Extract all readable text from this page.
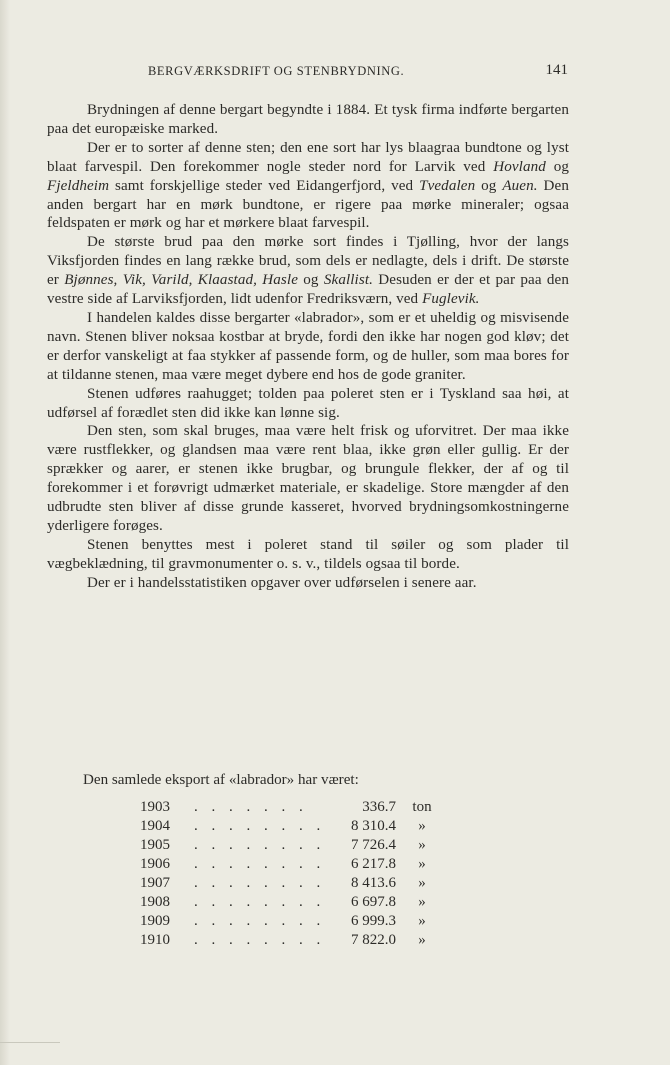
BERGVÆRKSDRIFT OG STENBRYDNING.	141

Brydningen af denne bergart begyndte i 1884. Et tysk firma indførte bergarten paa det europæiske marked.

Der er to sorter af denne sten; den ene sort har lys blaagraa bundtone og lyst blaat farvespil. Den forekommer nogle steder nord for Larvik ved Hovland og Fjeldheim samt forskjellige steder ved Eidangerfjord, ved Tvedalen og Auen. Den anden bergart har en mørk bundtone, er rigere paa mørke mineraler; ogsaa feldspaten er mørk og har et mørkere blaat farvespil.

De største brud paa den mørke sort findes i Tjølling, hvor der langs Viksfjorden findes en lang række brud, som dels er nedlagte, dels i drift. De største er Bjønnes, Vik, Varild, Klaastad, Hasle og Skallist. Desuden er der et par paa den vestre side af Larviksfjorden, lidt udenfor Fredriksværn, ved Fuglevik.

I handelen kaldes disse bergarter «labrador», som er et uheldig og misvisende navn. Stenen bliver noksaa kostbar at bryde, fordi den ikke har nogen god kløv; det er derfor vanskeligt at faa stykker af passende form, og de huller, som maa bores for at tildanne stenen, maa være meget dybere end hos de gode graniter.

Stenen udføres raahugget; tolden paa poleret sten er i Tyskland saa høi, at udførsel af forædlet sten did ikke kan lønne sig.

Den sten, som skal bruges, maa være helt frisk og uforvitret. Der maa ikke være rustflekker, og glandsen maa være rent blaa, ikke grøn eller gullig. Er der sprækker og aarer, er stenen ikke brugbar, og brungule flekker, der af og til forekommer i et forøvrigt udmærket materiale, er skadelige. Store mængder af den udbrudte sten bliver af disse grunde kasseret, hvorved brydningsomkostningerne yderligere forøges.

Stenen benyttes mest i poleret stand til søiler og som plader til vægbeklædning, til gravmonumenter o. s. v., tildels ogsaa til borde.

Der er i handelsstatistiken opgaver over udførselen i senere aar.

Den samlede eksport af «labrador» har været:
1903	. . . . . . .	336.7	ton
1904	. . . . . . . .	8 310.4	»
1905	. . . . . . . .	7 726.4	»
1906	. . . . . . . .	6 217.8	»
1907	. . . . . . . .	8 413.6	»
1908	. . . . . . . .	6 697.8	»
1909	. . . . . . . .	6 999.3	»
1910	. . . . . . . .	7 822.0	»
